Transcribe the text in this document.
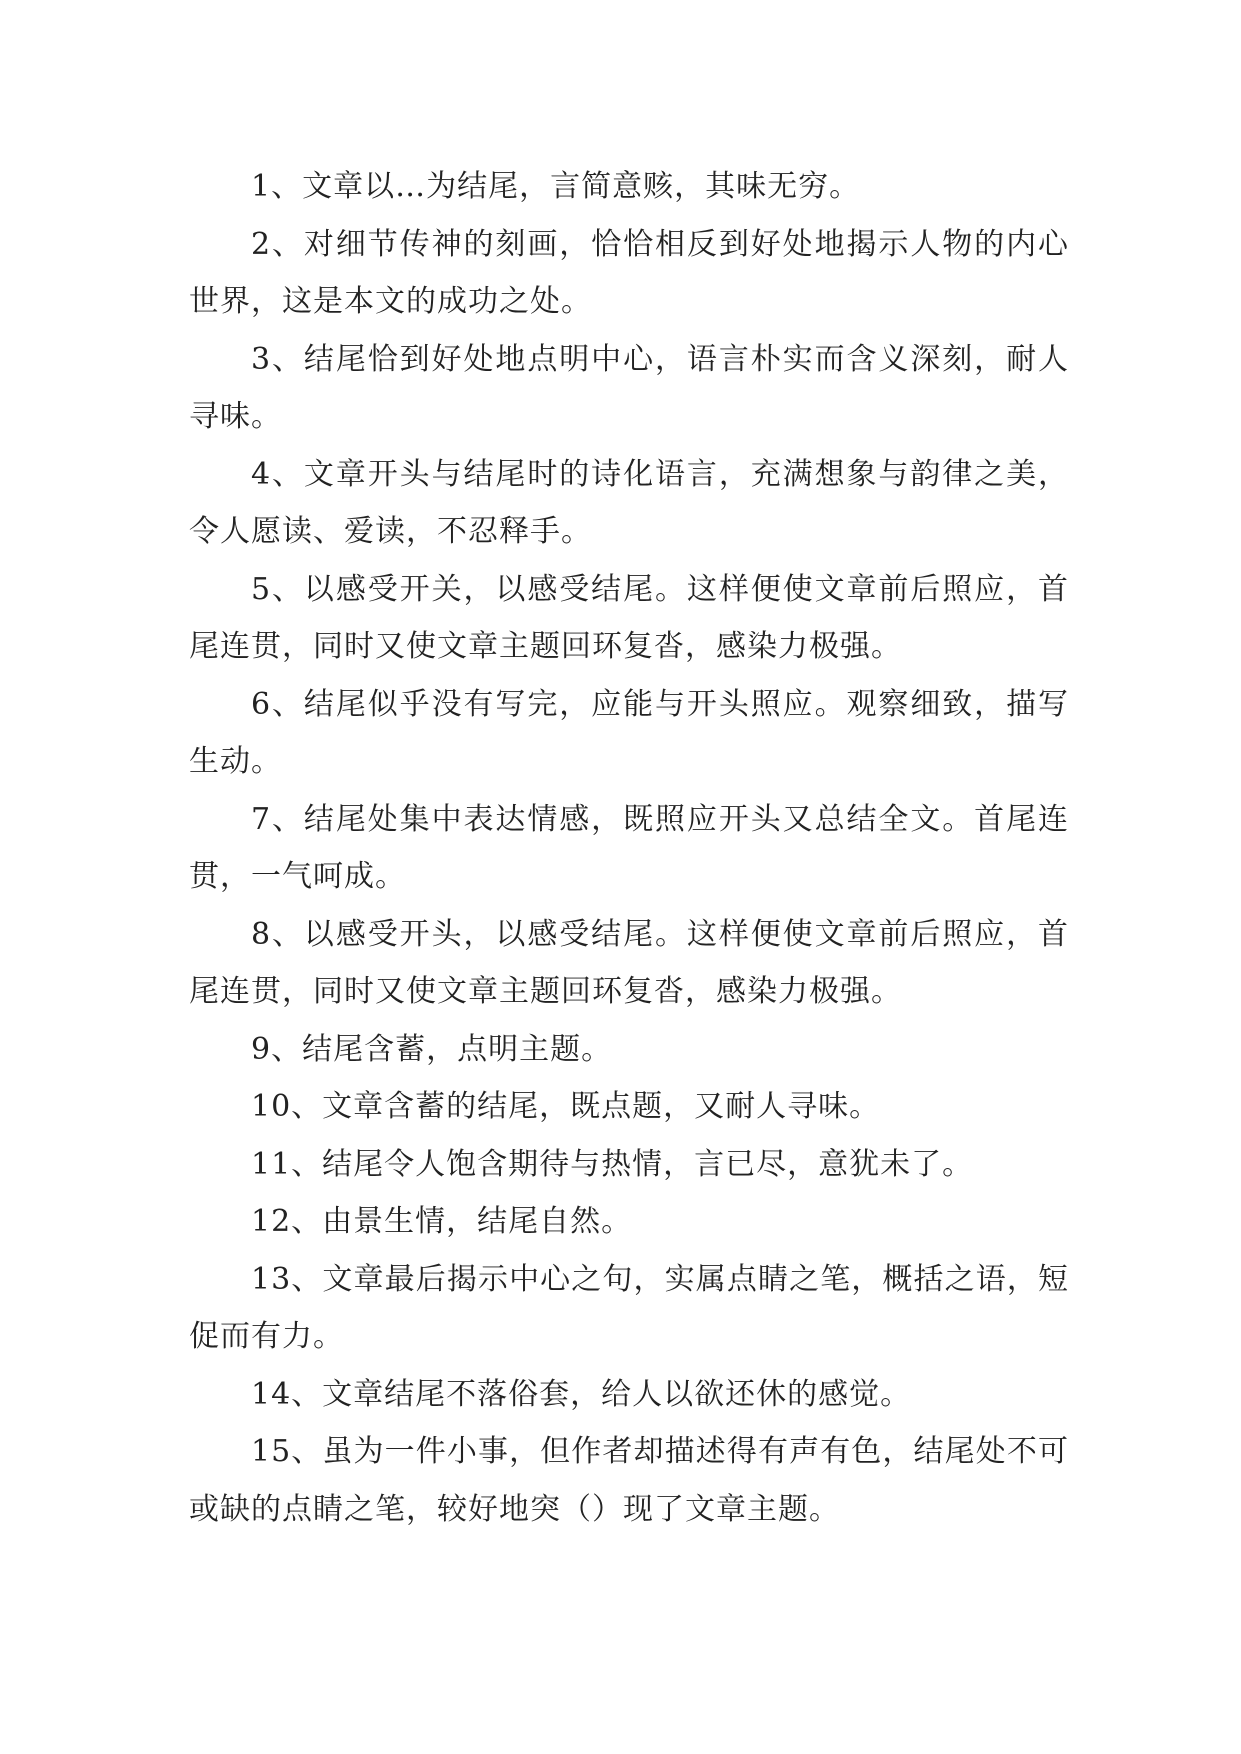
1、文章以…为结尾，言简意赅，其味无穷。

2、对细节传神的刻画，恰恰相反到好处地揭示人物的内心世界，这是本文的成功之处。

3、结尾恰到好处地点明中心，语言朴实而含义深刻，耐人寻味。

4、文章开头与结尾时的诗化语言，充满想象与韵律之美，令人愿读、爱读，不忍释手。

5、以感受开关，以感受结尾。这样便使文章前后照应，首尾连贯，同时又使文章主题回环复沓，感染力极强。

6、结尾似乎没有写完，应能与开头照应。观察细致，描写生动。

7、结尾处集中表达情感，既照应开头又总结全文。首尾连贯，一气呵成。

8、以感受开头，以感受结尾。这样便使文章前后照应，首尾连贯，同时又使文章主题回环复沓，感染力极强。

9、结尾含蓄，点明主题。

10、文章含蓄的结尾，既点题，又耐人寻味。

11、结尾令人饱含期待与热情，言已尽，意犹未了。

12、由景生情，结尾自然。

13、文章最后揭示中心之句，实属点睛之笔，概括之语，短促而有力。

14、文章结尾不落俗套，给人以欲还休的感觉。

15、虽为一件小事，但作者却描述得有声有色，结尾处不可或缺的点睛之笔，较好地突（）现了文章主题。
